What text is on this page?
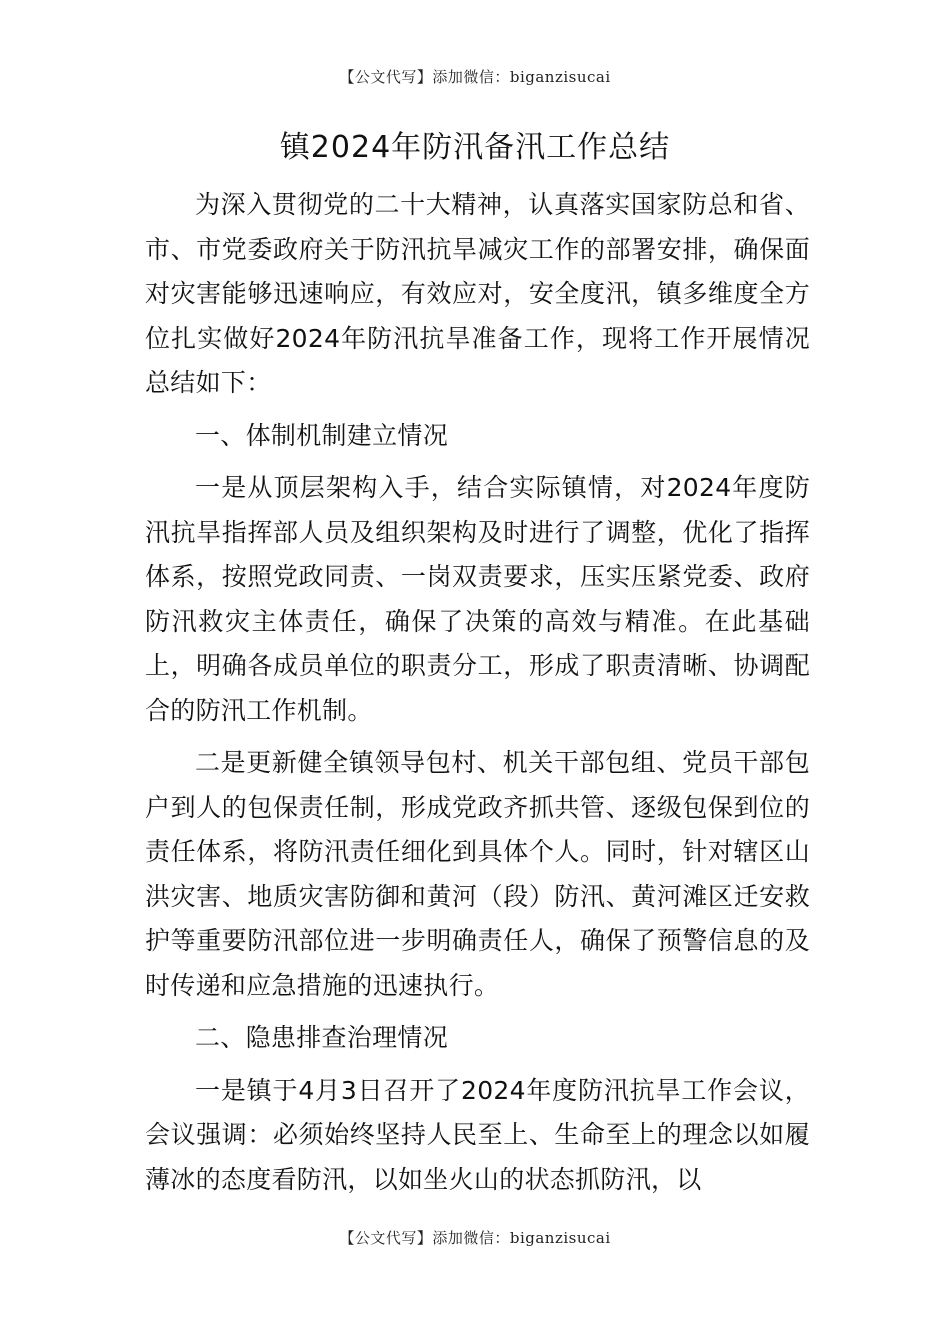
【公文代写】添加微信：biganzisucai
镇2024年防汛备汛工作总结

为深入贯彻党的二十大精神，认真落实国家防总和省、市、市党委政府关于防汛抗旱减灾工作的部署安排，确保面对灾害能够迅速响应，有效应对，安全度汛，镇多维度全方位扎实做好2024年防汛抗旱准备工作，现将工作开展情况总结如下：

一、体制机制建立情况

一是从顶层架构入手，结合实际镇情，对2024年度防汛抗旱指挥部人员及组织架构及时进行了调整，优化了指挥体系，按照党政同责、一岗双责要求，压实压紧党委、政府防汛救灾主体责任，确保了决策的高效与精准。在此基础上，明确各成员单位的职责分工，形成了职责清晰、协调配合的防汛工作机制。

二是更新健全镇领导包村、机关干部包组、党员干部包户到人的包保责任制，形成党政齐抓共管、逐级包保到位的责任体系，将防汛责任细化到具体个人。同时，针对辖区山洪灾害、地质灾害防御和黄河（段）防汛、黄河滩区迁安救护等重要防汛部位进一步明确责任人，确保了预警信息的及时传递和应急措施的迅速执行。

二、隐患排查治理情况

一是镇于4月3日召开了2024年度防汛抗旱工作会议，会议强调：必须始终坚持人民至上、生命至上的理念以如履薄冰的态度看防汛，以如坐火山的状态抓防汛，以

【公文代写】添加微信：biganzisucai
